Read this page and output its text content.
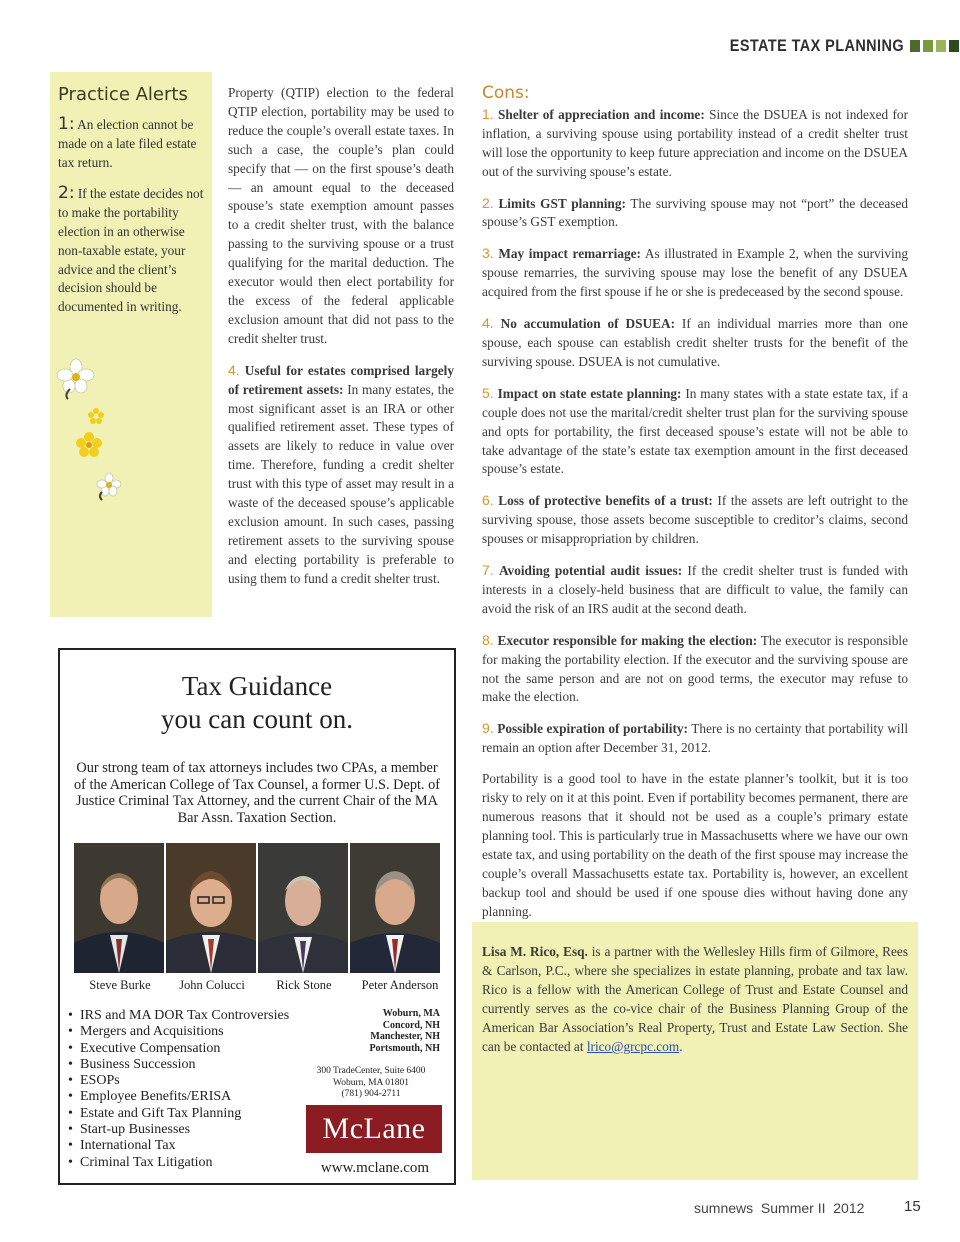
ESTATE TAX PLANNING
Practice Alerts
1: An election cannot be made on a late filed estate tax return.
2: If the estate decides not to make the portability election in an otherwise non-taxable estate, your advice and the client’s decision should be documented in writing.

Property (QTIP) election to the federal QTIP election, portability may be used to reduce the couple’s overall estate taxes. In such a case, the couple’s plan could specify that — on the first spouse’s death — an amount equal to the deceased spouse’s state exemption amount passes to a credit shelter trust, with the balance passing to the surviving spouse or a trust qualifying for the marital deduction. The executor would then elect portability for the excess of the federal applicable exclusion amount that did not pass to the credit shelter trust.

4. Useful for estates comprised largely of retirement assets: In many estates, the most significant asset is an IRA or other qualified retirement asset. These types of assets are likely to reduce in value over time. Therefore, funding a credit shelter trust with this type of asset may result in a waste of the deceased spouse’s applicable exclusion amount. In such cases, passing retirement assets to the surviving spouse and electing portability is preferable to using them to fund a credit shelter trust.

Cons:

1. Shelter of appreciation and income: Since the DSUEA is not indexed for inflation, a surviving spouse using portability instead of a credit shelter trust will lose the opportunity to keep future appreciation and income on the DSUEA out of the surviving spouse’s estate.

2. Limits GST planning: The surviving spouse may not “port” the deceased spouse’s GST exemption.

3. May impact remarriage: As illustrated in Example 2, when the surviving spouse remarries, the surviving spouse may lose the benefit of any DSUEA acquired from the first spouse if he or she is predeceased by the second spouse.

4. No accumulation of DSUEA: If an individual marries more than one spouse, each spouse can establish credit shelter trusts for the benefit of the surviving spouse. DSUEA is not cumulative.

5. Impact on state estate planning: In many states with a state estate tax, if a couple does not use the marital/credit shelter trust plan for the surviving spouse and opts for portability, the first deceased spouse’s estate will not be able to take advantage of the state’s estate tax exemption amount in the first deceased spouse’s estate.

6. Loss of protective benefits of a trust: If the assets are left outright to the surviving spouse, those assets become susceptible to creditor’s claims, second spouses or misappropriation by children.

7. Avoiding potential audit issues: If the credit shelter trust is funded with interests in a closely-held business that are difficult to value, the family can avoid the risk of an IRS audit at the second death.

8. Executor responsible for making the election: The executor is responsible for making the portability election. If the executor and the surviving spouse are not the same person and are not on good terms, the executor may refuse to make the election.

9. Possible expiration of portability: There is no certainty that portability will remain an option after December 31, 2012.

Portability is a good tool to have in the estate planner’s toolkit, but it is too risky to rely on it at this point. Even if portability becomes permanent, there are numerous reasons that it should not be used as a couple’s primary estate planning tool. This is particularly true in Massachusetts where we have our own estate tax, and using portability on the death of the first spouse may increase the couple’s overall Massachusetts estate tax. Portability is, however, an excellent backup tool and should be used if one spouse dies without having done any planning.

Lisa M. Rico, Esq. is a partner with the Wellesley Hills firm of Gilmore, Rees & Carlson, P.C., where she specializes in estate planning, probate and tax law. Rico is a fellow with the American College of Trust and Estate Counsel and currently serves as the co-vice chair of the Business Planning Group of the American Bar Association’s Real Property, Trust and Estate Law Section. She can be contacted at lrico@grcpc.com.
Tax Guidance
you can count on.
Our strong team of tax attorneys includes two CPAs, a member of the American College of Tax Counsel, a former U.S. Dept. of Justice Criminal Tax Attorney, and the current Chair of the MA Bar Assn. Taxation Section.
Steve Burke	John Colucci	Rick Stone	Peter Anderson
• IRS and MA DOR Tax Controversies
• Mergers and Acquisitions
• Executive Compensation
• Business Succession
• ESOPs
• Employee Benefits/ERISA
• Estate and Gift Tax Planning
• Start-up Businesses
• International Tax
• Criminal Tax Litigation
Woburn, MA
Concord, NH
Manchester, NH
Portsmouth, NH
300 TradeCenter, Suite 6400
Woburn, MA 01801
(781) 904-2711
McLane
www.mclane.com
sumnews  Summer II  2012	15
